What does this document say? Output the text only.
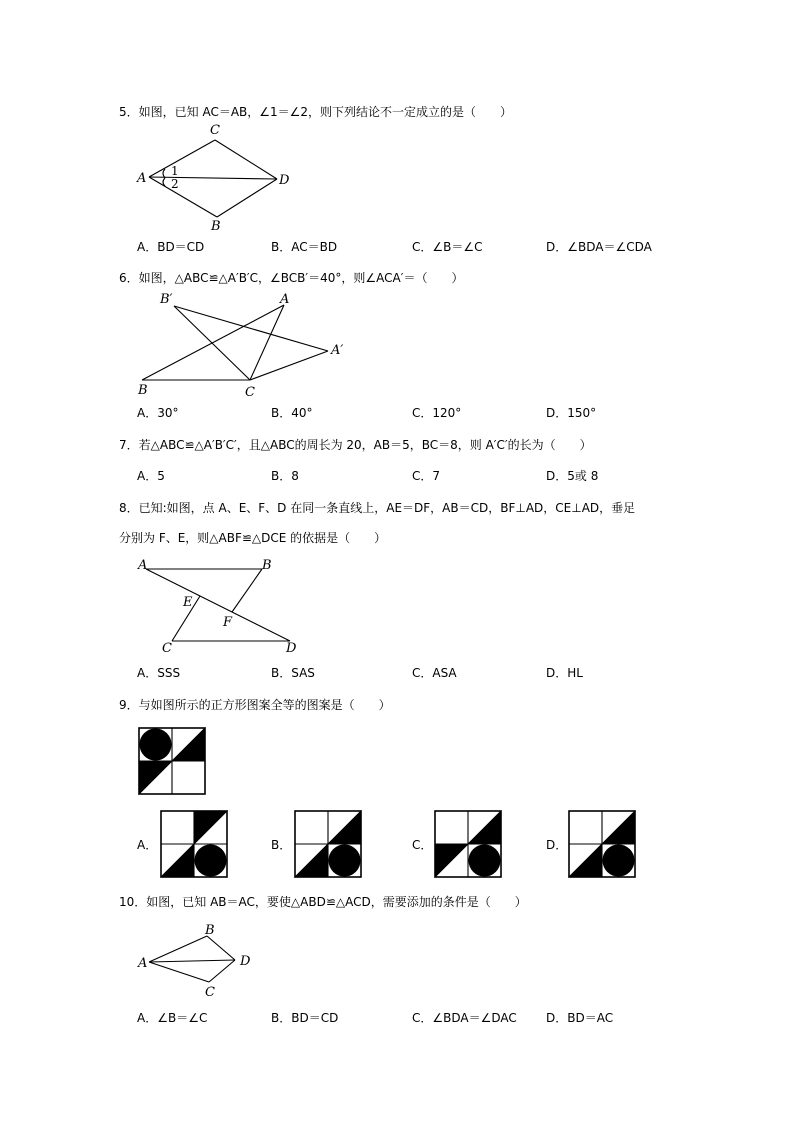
5．如图，已知 AC＝AB，∠1＝∠2，则下列结论不一定成立的是（　　）
C
A	D
B
1
2
A．BD＝CD	B．AC＝BD	C．∠B＝∠C	D．∠BDA＝∠CDA
6．如图，△ABC≌△A′B′C，∠BCB′＝40°，则∠ACA′＝（　　）
B′	A
A′
B	C
A．30°	B．40°	C．120°	D．150°
7．若△ABC≌△A′B′C′，且△ABC的周长为 20，AB＝5，BC＝8，则 A′C′的长为（　　）
A．5	B．8	C．7	D．5或 8
8．已知:如图，点 A、E、F、D 在同一条直线上，AE＝DF，AB＝CD，BF⊥AD，CE⊥AD，垂足
分别为 F、E，则△ABF≌△DCE 的依据是（　　）
A	B
E
F
C	D
A．SSS	B．SAS	C．ASA	D．HL
9．与如图所示的正方形图案全等的图案是（　　）
A．	B．	C．	D．
10．如图，已知 AB＝AC，要使△ABD≌△ACD，需要添加的条件是（　　）
B
A	D
C
A．∠B＝∠C	B．BD＝CD	C．∠BDA＝∠DAC D．BD＝AC
